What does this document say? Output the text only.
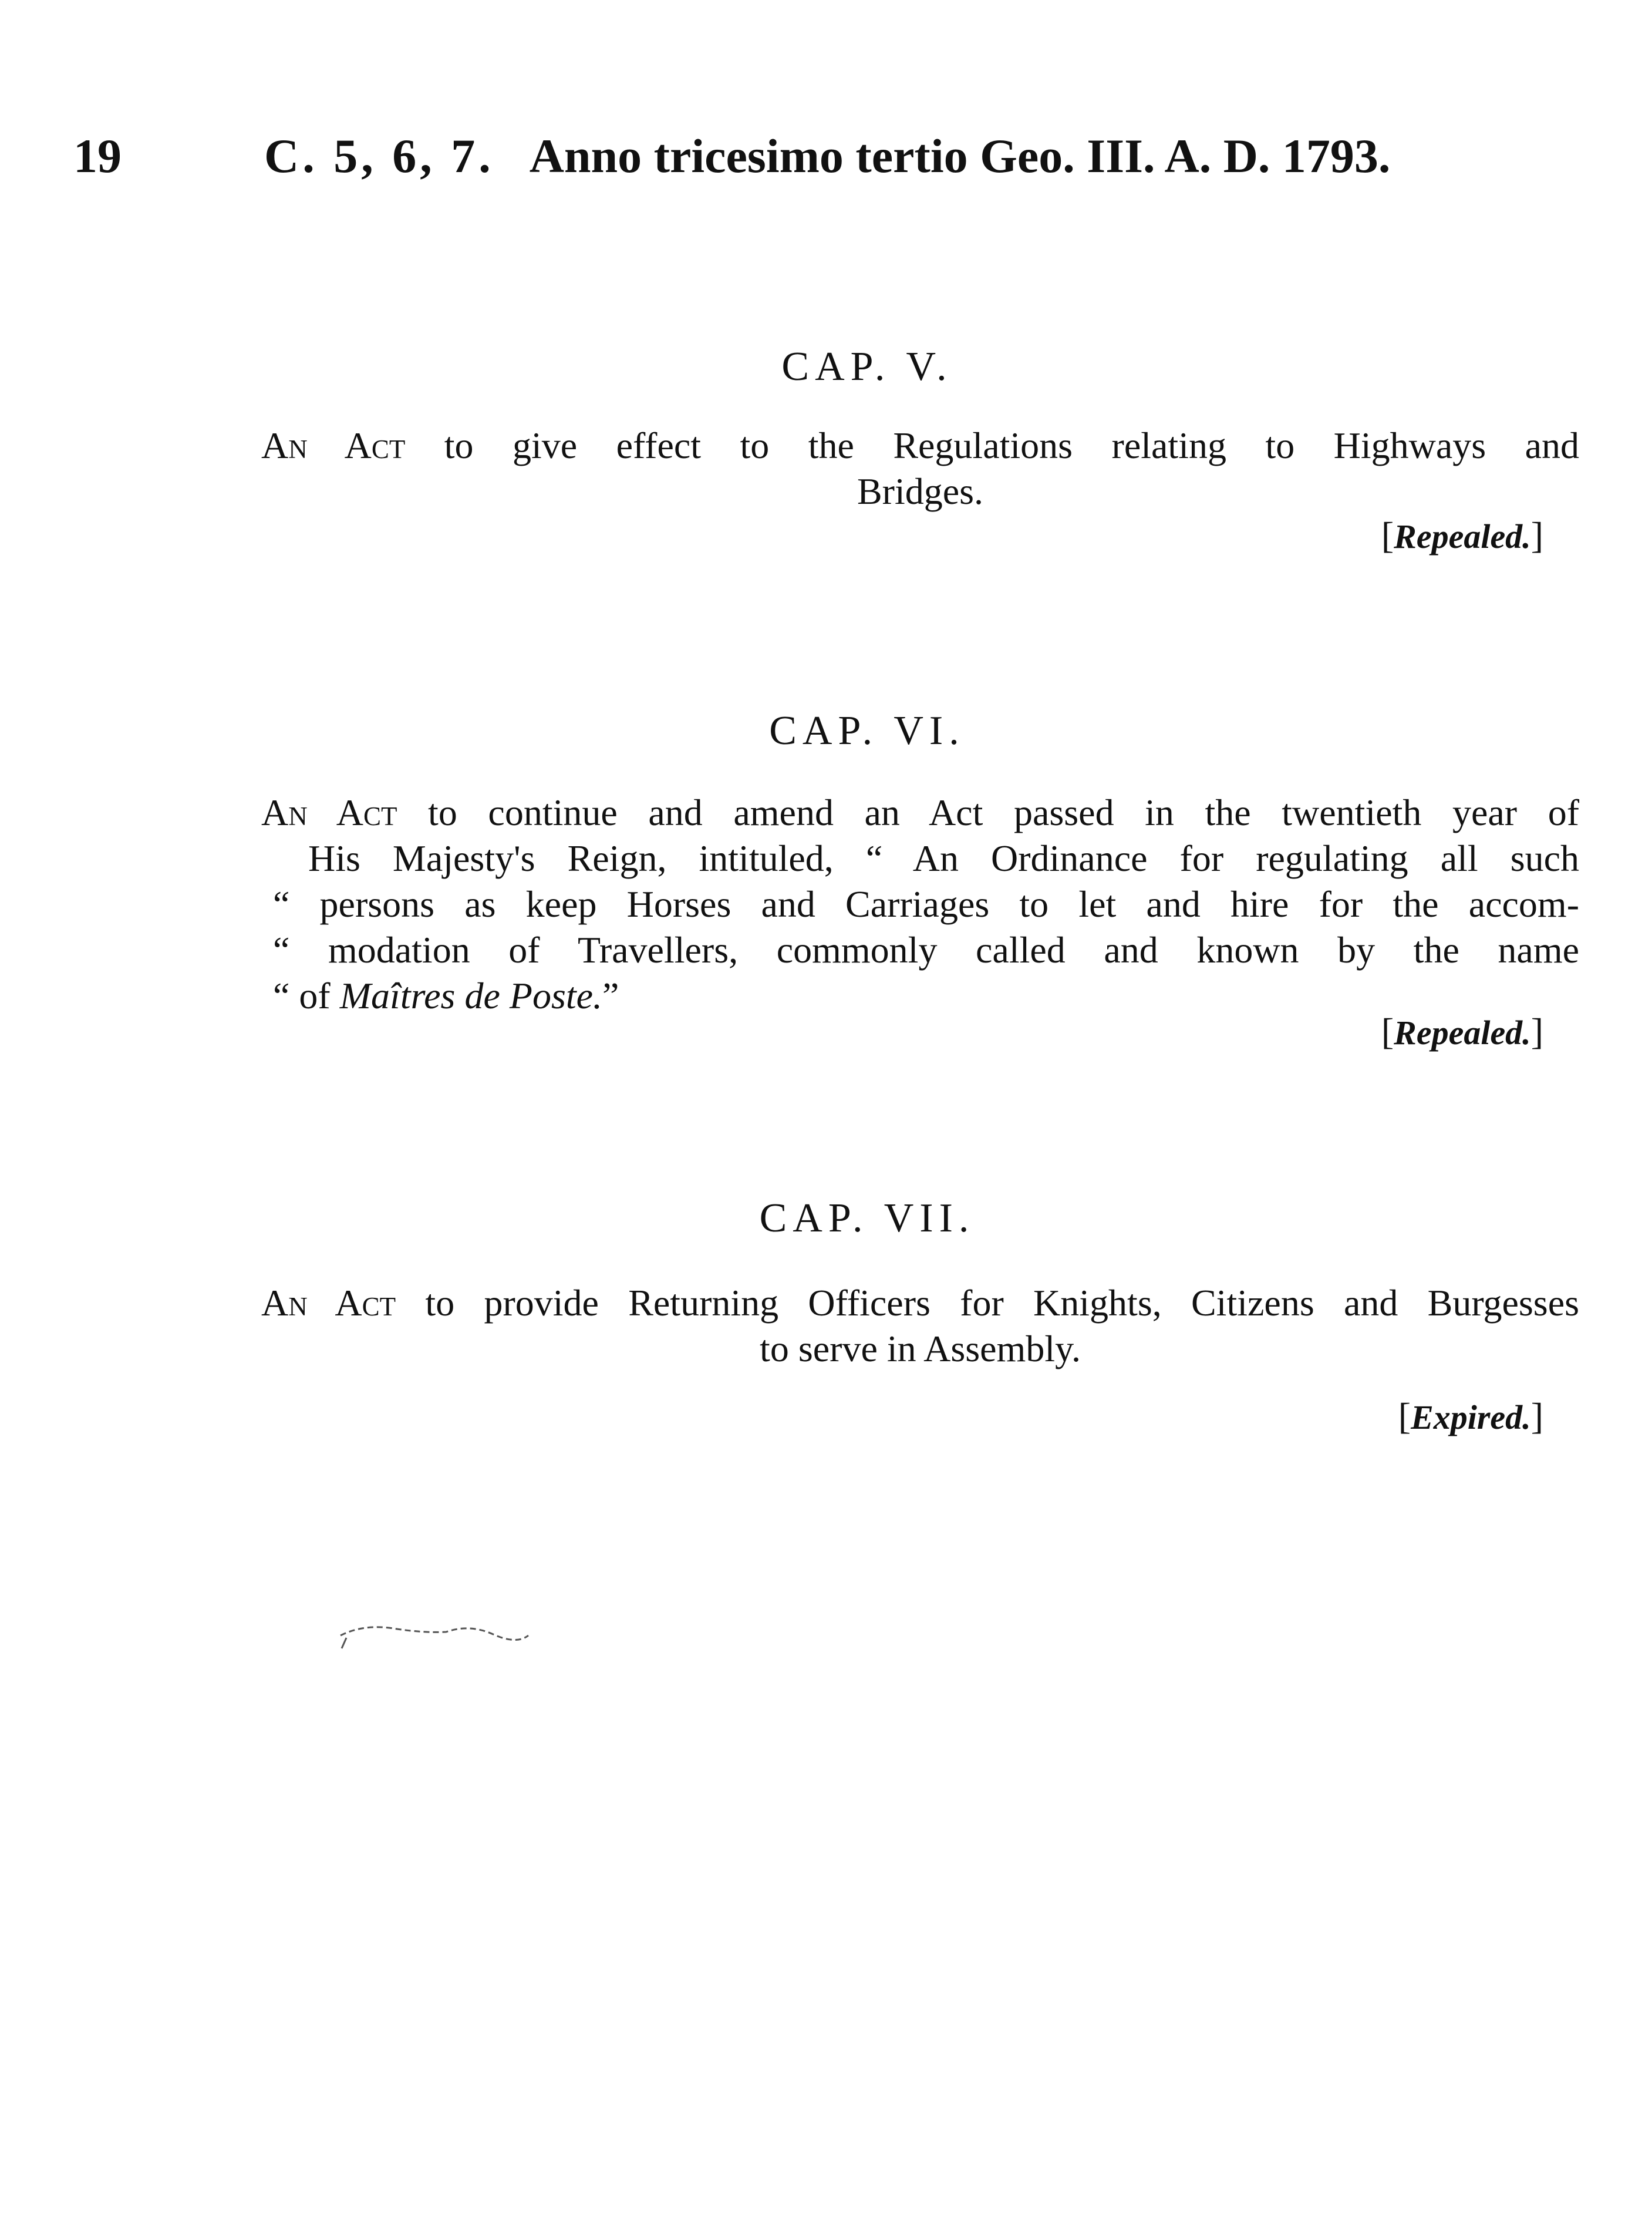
19	C. 5, 6, 7. Anno tricesimo tertio Geo. III. A. D. 1793.
CAP. V.
An Act to give effect to the Regulations relating to Highways and
Bridges.
[Repealed.]
CAP. VI.
An Act to continue and amend an Act passed in the twentieth year of
His Majesty's Reign, intituled, “ An Ordinance for regulating all such
“ persons as keep Horses and Carriages to let and hire for the accom-
“ modation of Travellers, commonly called and known by the name
“ of Maîtres de Poste.”
[Repealed.]
CAP. VII.
An Act to provide Returning Officers for Knights, Citizens and Burgesses
to serve in Assembly.
[Expired.]
